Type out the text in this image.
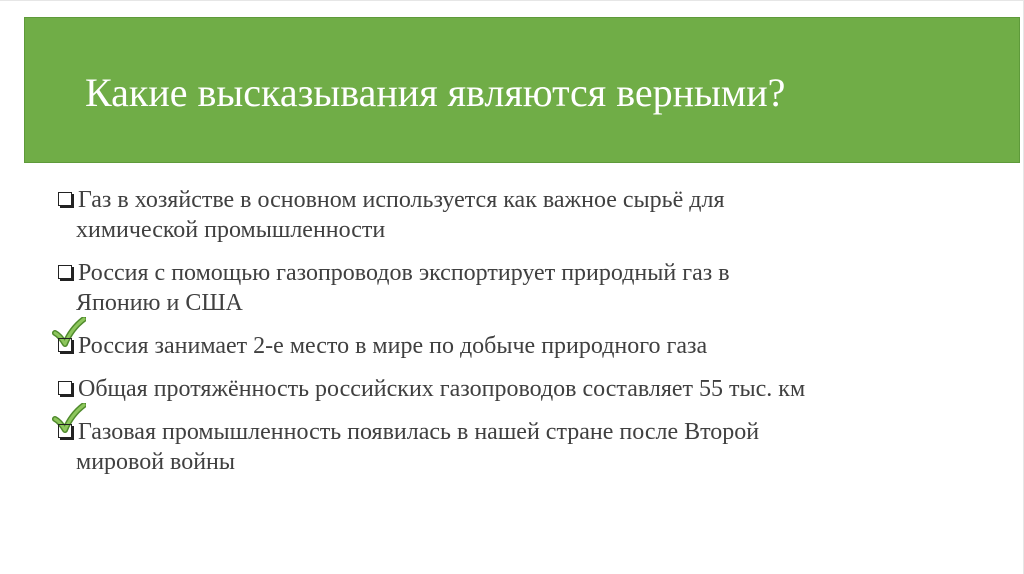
Какие высказывания являются верными?
Газ в хозяйстве в основном используется как важное сырьё для
химической промышленности
Россия с помощью газопроводов экспортирует природный газ в
Японию и США
Россия занимает 2-е место в мире по добыче природного газа
Общая протяжённость российских газопроводов составляет 55 тыс. км
Газовая промышленность появилась в нашей стране после Второй
мировой войны
